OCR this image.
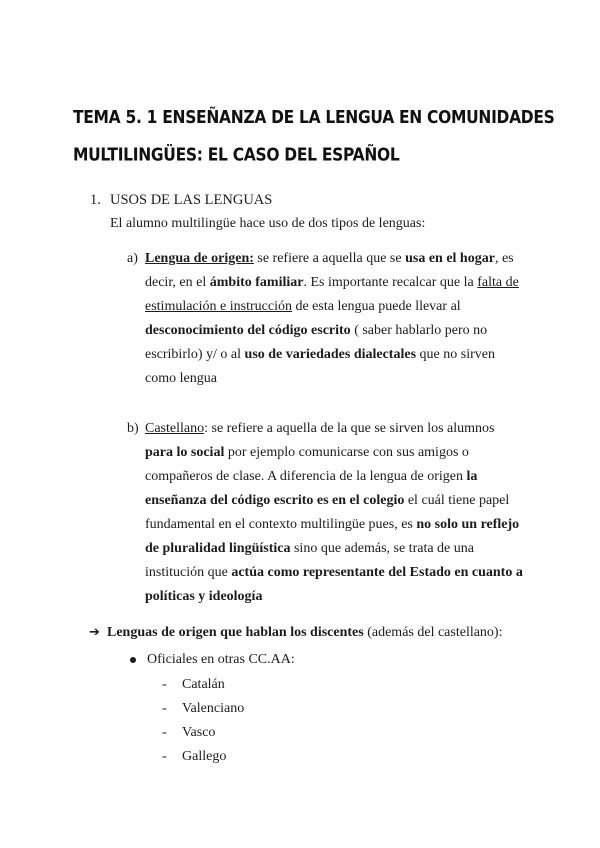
TEMA 5. 1 ENSEÑANZA DE LA LENGUA EN COMUNIDADES
MULTILINGÜES: EL CASO DEL ESPAÑOL
1. USOS DE LAS LENGUAS
El alumno multilingüe hace uso de dos tipos de lenguas:
a) Lengua de origen: se refiere a aquella que se usa en el hogar, es
decir, en el ámbito familiar. Es importante recalcar que la falta de
estimulación e instrucción de esta lengua puede llevar al
desconocimiento del código escrito ( saber hablarlo pero no
escribirlo) y/ o al uso de variedades dialectales que no sirven
como lengua
b) Castellano: se refiere a aquella de la que se sirven los alumnos
para lo social por ejemplo comunicarse con sus amigos o
compañeros de clase. A diferencia de la lengua de origen la
enseñanza del código escrito es en el colegio el cuál tiene papel
fundamental en el contexto multilingüe pues, es no solo un reflejo
de pluralidad lingüística sino que además, se trata de una
institución que actúa como representante del Estado en cuanto a
políticas y ideología
➔ Lenguas de origen que hablan los discentes (además del castellano):
Oficiales en otras CC.AA:
- Catalán
- Valenciano
- Vasco
- Gallego
